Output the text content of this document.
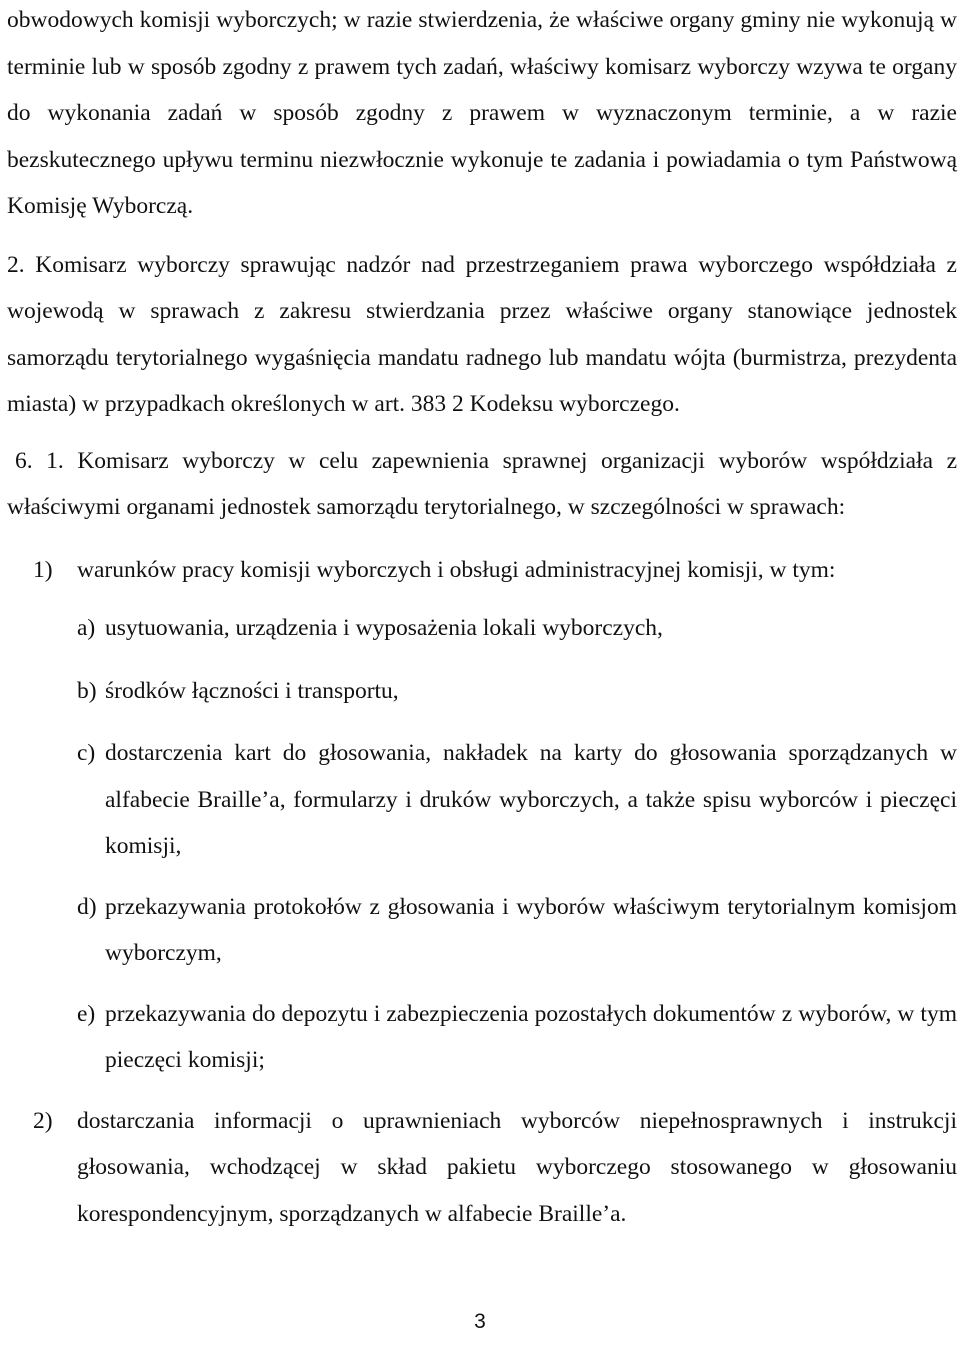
obwodowych komisji wyborczych; w razie stwierdzenia, że właściwe organy gminy nie wykonują w terminie lub w sposób zgodny z prawem tych zadań, właściwy komisarz wyborczy wzywa te organy do wykonania zadań w sposób zgodny z prawem w wyznaczonym terminie, a w razie bezskutecznego upływu terminu niezwłocznie wykonuje te zadania i powiadamia o tym Państwową Komisję Wyborczą.

2. Komisarz wyborczy sprawując nadzór nad przestrzeganiem prawa wyborczego współdziała z wojewodą w sprawach z zakresu stwierdzania przez właściwe organy stanowiące jednostek samorządu terytorialnego wygaśnięcia mandatu radnego lub mandatu wójta (burmistrza, prezydenta miasta) w przypadkach określonych w art. 383 2 Kodeksu wyborczego.

6. 1. Komisarz wyborczy w celu zapewnienia sprawnej organizacji wyborów współdziała z właściwymi organami jednostek samorządu terytorialnego, w szczególności w sprawach:

1) warunków pracy komisji wyborczych i obsługi administracyjnej komisji, w tym:
a) usytuowania, urządzenia i wyposażenia lokali wyborczych,
b) środków łączności i transportu,
c) dostarczenia kart do głosowania, nakładek na karty do głosowania sporządzanych w alfabecie Braille’a, formularzy i druków wyborczych, a także spisu wyborców i pieczęci komisji,
d) przekazywania protokołów z głosowania i wyborów właściwym terytorialnym komisjom wyborczym,
e) przekazywania do depozytu i zabezpieczenia pozostałych dokumentów z wyborów, w tym pieczęci komisji;
2) dostarczania informacji o uprawnieniach wyborców niepełnosprawnych i instrukcji głosowania, wchodzącej w skład pakietu wyborczego stosowanego w głosowaniu korespondencyjnym, sporządzanych w alfabecie Braille’a.
3
